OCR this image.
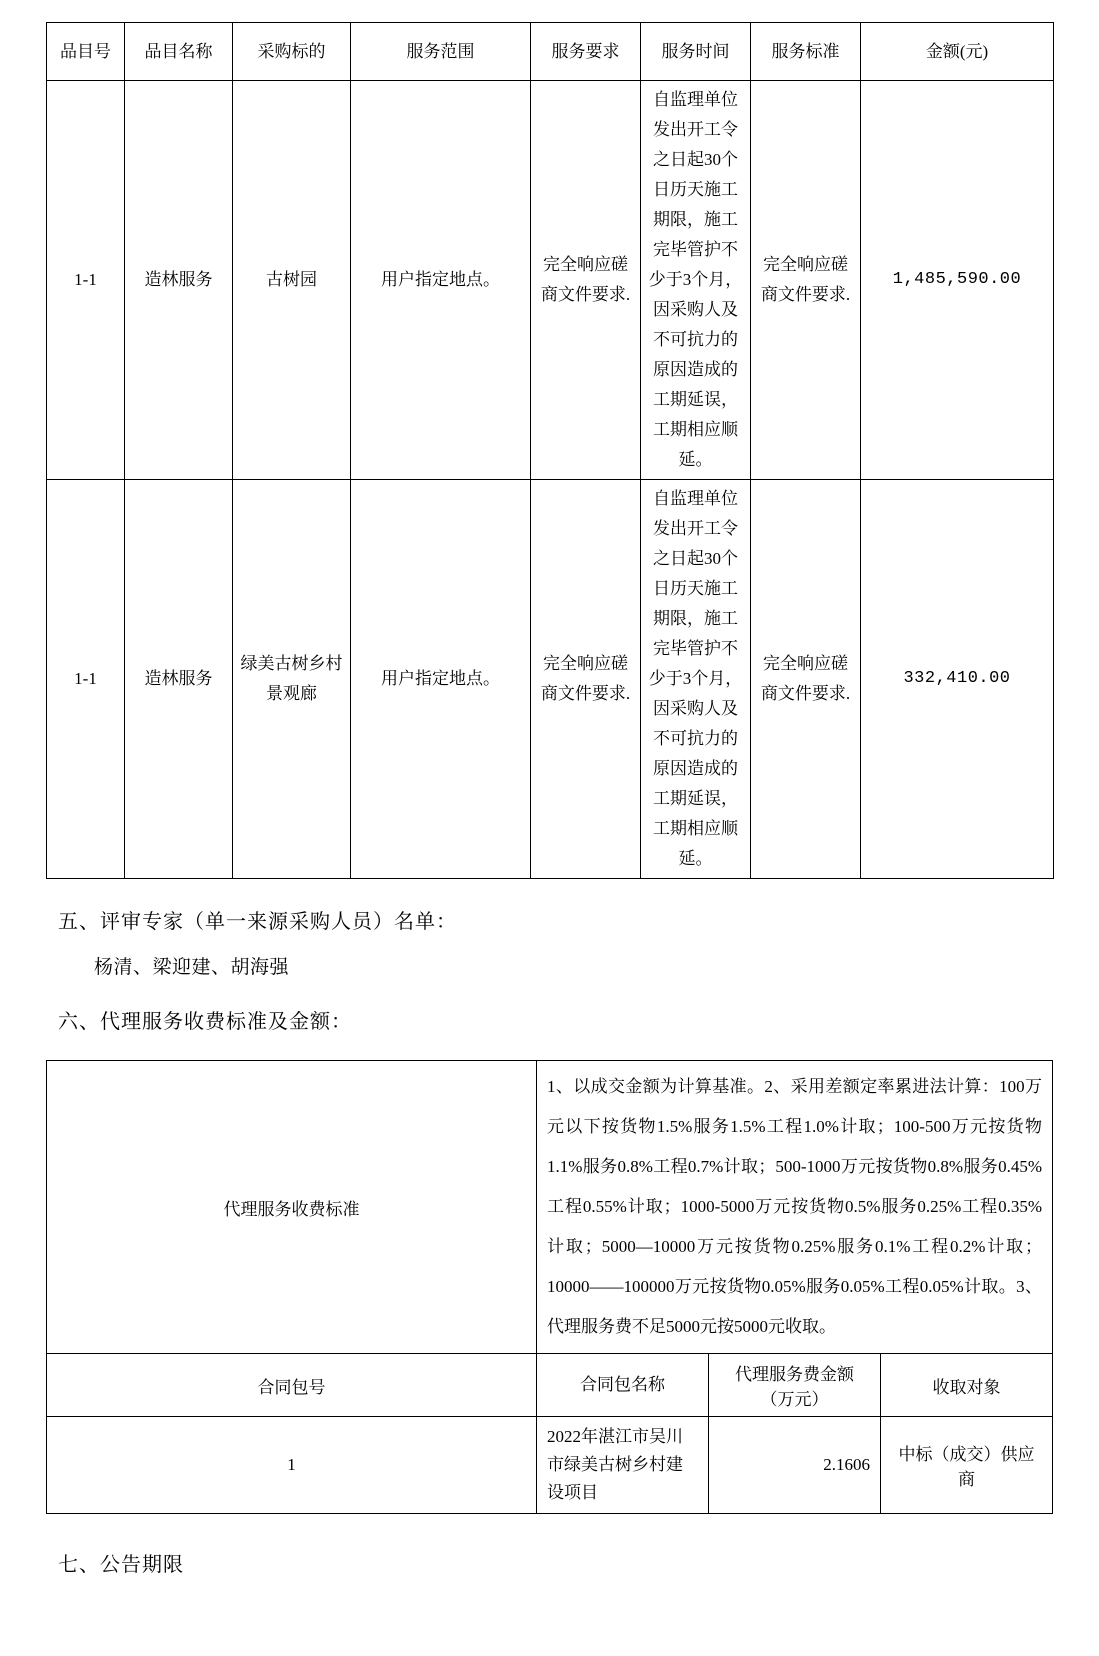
品目号	品目名称	采购标的	服务范围	服务要求	服务时间	服务标准	金额(元)
1-1	造林服务	古树园	用户指定地点。	完全响应磋商文件要求.	自监理单位发出开工令之日起30个日历天施工期限，施工完毕管护不少于3个月，因采购人及不可抗力的原因造成的工期延误，工期相应顺延。	完全响应磋商文件要求.	1,485,590.00
1-1	造林服务	绿美古树乡村景观廊	用户指定地点。	完全响应磋商文件要求.	自监理单位发出开工令之日起30个日历天施工期限，施工完毕管护不少于3个月，因采购人及不可抗力的原因造成的工期延误，工期相应顺延。	完全响应磋商文件要求.	332,410.00
五、评审专家（单一来源采购人员）名单：
杨清、梁迎建、胡海强
六、代理服务收费标准及金额：
代理服务收费标准	1、以成交金额为计算基准。2、采用差额定率累进法计算：100万元以下按货物1.5%服务1.5%工程1.0%计取；100-500万元按货物1.1%服务0.8%工程0.7%计取；500-1000万元按货物0.8%服务0.45%工程0.55%计取；1000-5000万元按货物0.5%服务0.25%工程0.35%计取；5000—10000万元按货物0.25%服务0.1%工程0.2%计取；10000——100000万元按货物0.05%服务0.05%工程0.05%计取。3、代理服务费不足5000元按5000元收取。		
合同包号	合同包名称	代理服务费金额（万元）	收取对象
1	2022年湛江市吴川市绿美古树乡村建设项目	2.1606	中标（成交）供应商
七、公告期限
